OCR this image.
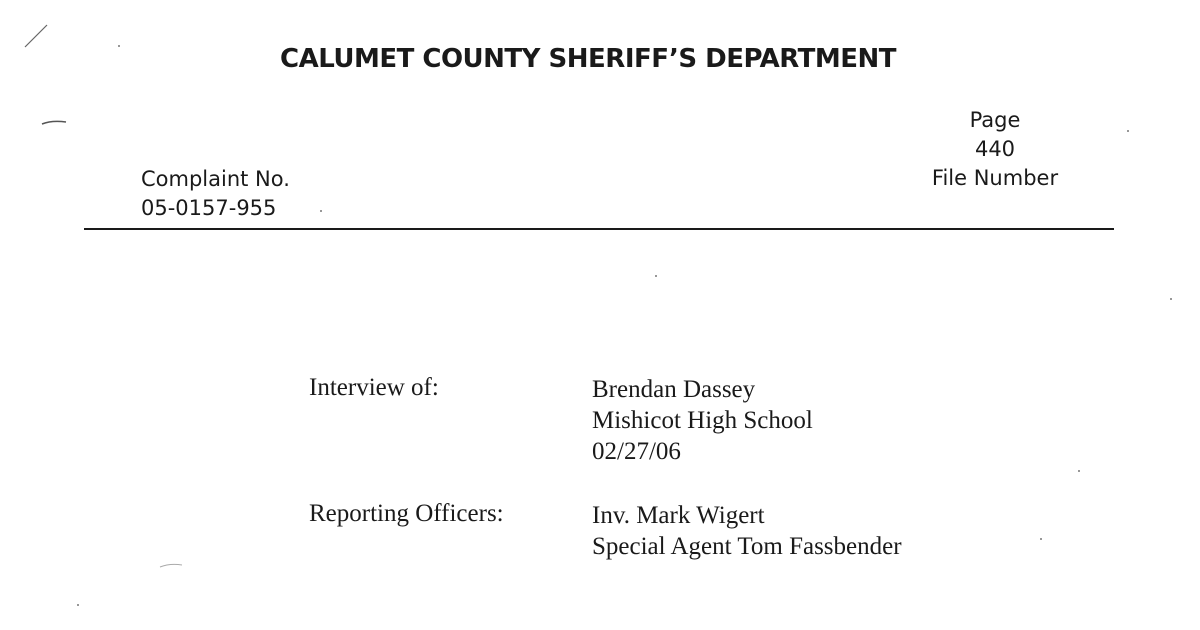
CALUMET COUNTY SHERIFF’S DEPARTMENT
Page
440
File Number
Complaint No.
05-0157-955
Interview of:	Brendan Dassey
Mishicot High School
02/27/06
Reporting Officers:	Inv. Mark Wigert
Special Agent Tom Fassbender
